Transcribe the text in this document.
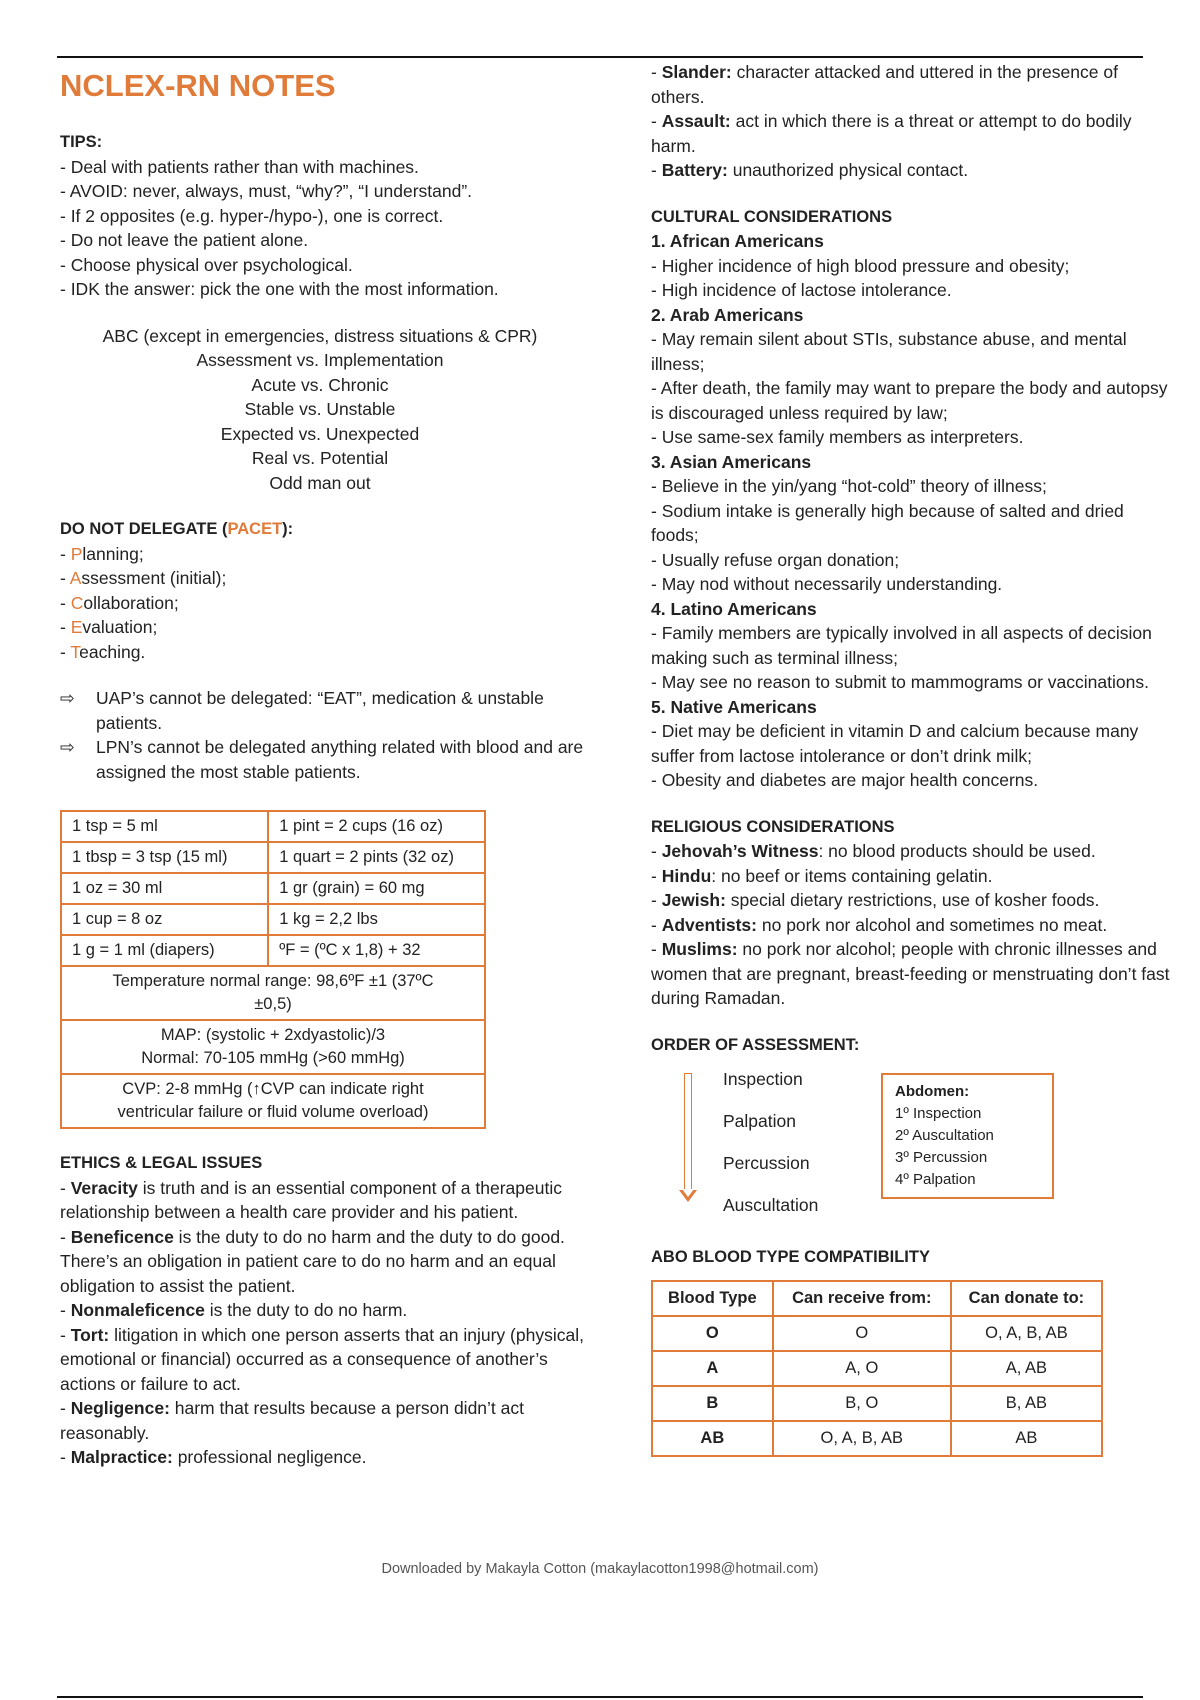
NCLEX-RN NOTES

TIPS:

- Deal with patients rather than with machines.

- AVOID: never, always, must, “why?”, “I understand”.

- If 2 opposites (e.g. hyper-/hypo-), one is correct.

- Do not leave the patient alone.

- Choose physical over psychological.

- IDK the answer: pick the one with the most information.

ABC (except in emergencies, distress situations & CPR)

Assessment vs. Implementation

Acute vs. Chronic

Stable vs. Unstable

Expected vs. Unexpected

Real vs. Potential

Odd man out

DO NOT DELEGATE (PACET):

- Planning;

- Assessment (initial);

- Collaboration;

- Evaluation;

- Teaching.

⇨ UAP’s cannot be delegated: “EAT”, medication & unstable patients.
⇨ LPN’s cannot be delegated anything related with blood and are assigned the most stable patients.
1 tsp = 5 ml	1 pint = 2 cups (16 oz)
1 tbsp = 3 tsp (15 ml)	1 quart = 2 pints (32 oz)
1 oz = 30 ml	1 gr (grain) = 60 mg
1 cup = 8 oz	1 kg = 2,2 lbs
1 g = 1 ml (diapers)	ºF = (ºC x 1,8) + 32
Temperature normal range: 98,6ºF ±1 (37ºC ±0,5)	

MAP: (systolic + 2xdyastolic)/3
Normal: 70-105 mmHg (>60 mmHg)	

CVP: 2-8 mmHg (↑CVP can indicate right ventricular failure or fluid volume overload)	

ETHICS & LEGAL ISSUES

- Veracity is truth and is an essential component of a therapeutic relationship between a health care provider and his patient.

- Beneficence is the duty to do no harm and the duty to do good. There’s an obligation in patient care to do no harm and an equal obligation to assist the patient.

- Nonmaleficence is the duty to do no harm.

- Tort: litigation in which one person asserts that an injury (physical, emotional or financial) occurred as a consequence of another’s actions or failure to act.

- Negligence: harm that results because a person didn’t act reasonably.

- Malpractice: professional negligence.

- Slander: character attacked and uttered in the presence of others.

- Assault: act in which there is a threat or attempt to do bodily harm.

- Battery: unauthorized physical contact.

CULTURAL CONSIDERATIONS

1. African Americans

- Higher incidence of high blood pressure and obesity;

- High incidence of lactose intolerance.

2. Arab Americans

- May remain silent about STIs, substance abuse, and mental illness;

- After death, the family may want to prepare the body and autopsy is discouraged unless required by law;

- Use same-sex family members as interpreters.

3. Asian Americans

- Believe in the yin/yang “hot-cold” theory of illness;

- Sodium intake is generally high because of salted and dried foods;

- Usually refuse organ donation;

- May nod without necessarily understanding.

4. Latino Americans

- Family members are typically involved in all aspects of decision making such as terminal illness;

- May see no reason to submit to mammograms or vaccinations.

5. Native Americans

- Diet may be deficient in vitamin D and calcium because many suffer from lactose intolerance or don’t drink milk;

- Obesity and diabetes are major health concerns.

RELIGIOUS CONSIDERATIONS

- Jehovah’s Witness: no blood products should be used.

- Hindu: no beef or items containing gelatin.

- Jewish: special dietary restrictions, use of kosher foods.

- Adventists: no pork nor alcohol and sometimes no meat.

- Muslims: no pork nor alcohol; people with chronic illnesses and women that are pregnant, breast-feeding or menstruating don’t fast during Ramadan.

ORDER OF ASSESSMENT:

Inspection
Palpation
Percussion
Auscultation
Abdomen:
1º Inspection
2º Auscultation
3º Percussion
4º Palpation

ABO BLOOD TYPE COMPATIBILITY

Blood Type	Can receive from:	Can donate to:
O	O	O, A, B, AB
A	A, O	A, AB
B	B, O	B, AB
AB	O, A, B, AB	AB
Downloaded by Makayla Cotton (makaylacotton1998@hotmail.com)
